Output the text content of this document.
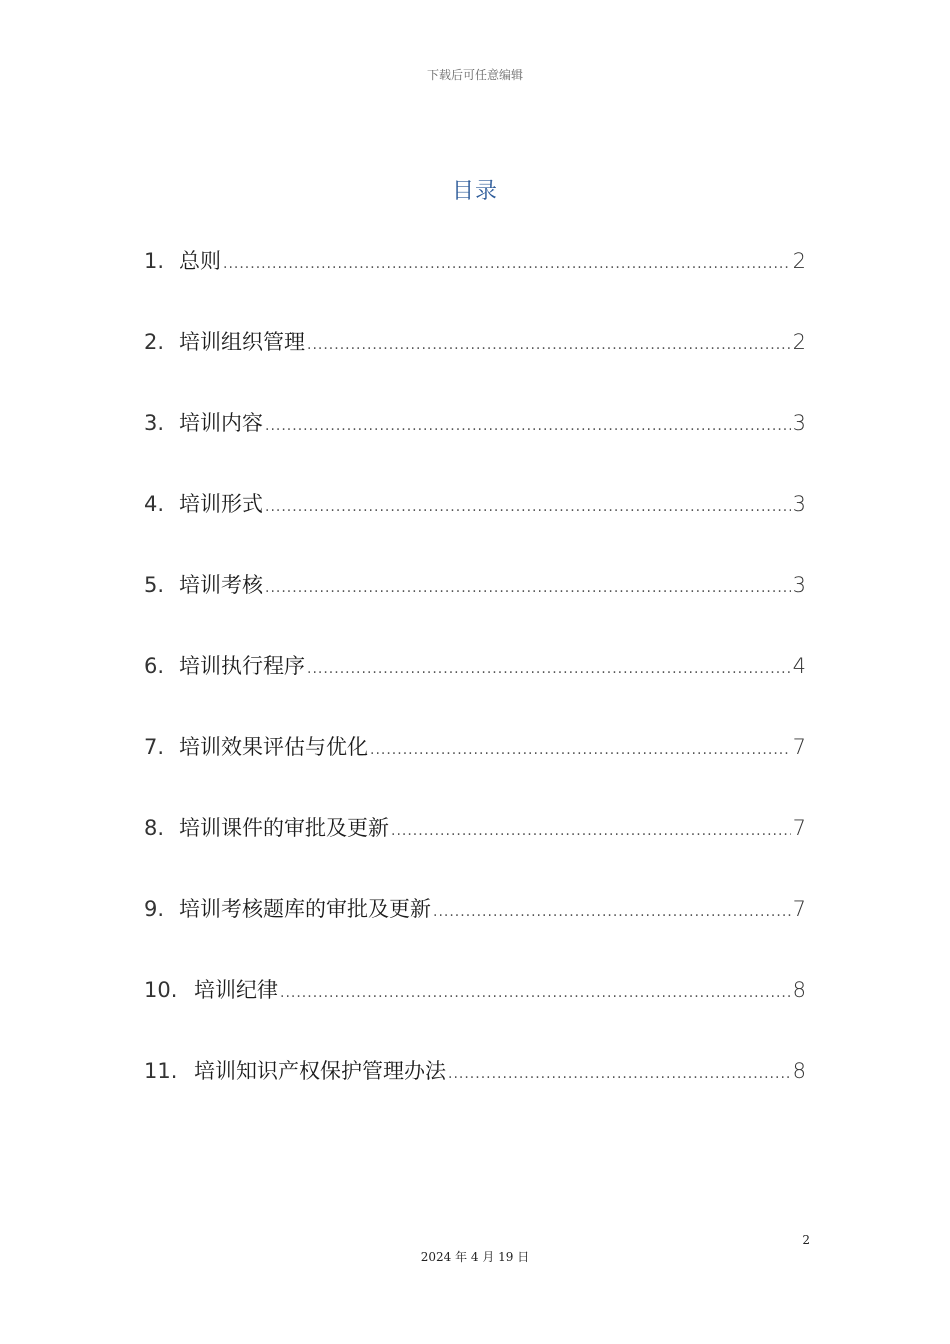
下载后可任意编辑
目录
1. 总则 .....	2
2. 培训组织管理 .....	2
3. 培训内容 .....	3
4. 培训形式 .....	3
5. 培训考核 .....	3
6. 培训执行程序 .....	4
7. 培训效果评估与优化 .....	7
8. 培训课件的审批及更新 .....	7
9. 培训考核题库的审批及更新 .....	7
10. 培训纪律 .....	8
11. 培训知识产权保护管理办法 .....	8
2
2024 年 4 月 19 日
